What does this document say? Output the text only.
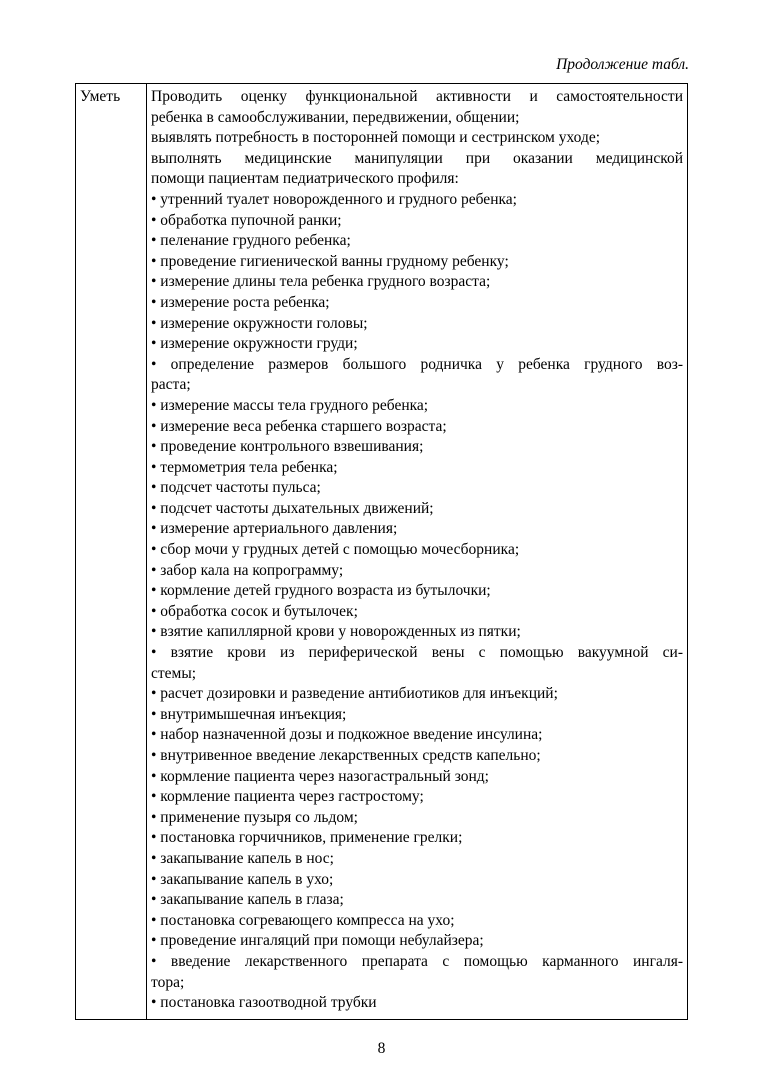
Продолжение табл.
Уметь	Проводить оценку функциональной активности и самостоятельности
ребенка в самообслуживании, передвижении, общении;
выявлять потребность в посторонней помощи и сестринском уходе;
выполнять медицинские манипуляции при оказании медицинской
помощи пациентам педиатрического профиля:
• утренний туалет новорожденного и грудного ребенка;
• обработка пупочной ранки;
• пеленание грудного ребенка;
• проведение гигиенической ванны грудному ребенку;
• измерение длины тела ребенка грудного возраста;
• измерение роста ребенка;
• измерение окружности головы;
• измерение окружности груди;
• определение размеров большого родничка у ребенка грудного воз-
раста;
• измерение массы тела грудного ребенка;
• измерение веса ребенка старшего возраста;
• проведение контрольного взвешивания;
• термометрия тела ребенка;
• подсчет частоты пульса;
• подсчет частоты дыхательных движений;
• измерение артериального давления;
• сбор мочи у грудных детей с помощью мочесборника;
• забор кала на копрограмму;
• кормление детей грудного возраста из бутылочки;
• обработка сосок и бутылочек;
• взятие капиллярной крови у новорожденных из пятки;
• взятие крови из периферической вены с помощью вакуумной си-
стемы;
• расчет дозировки и разведение антибиотиков для инъекций;
• внутримышечная инъекция;
• набор назначенной дозы и подкожное введение инсулина;
• внутривенное введение лекарственных средств капельно;
• кормление пациента через назогастральный зонд;
• кормление пациента через гастростому;
• применение пузыря со льдом;
• постановка горчичников, применение грелки;
• закапывание капель в нос;
• закапывание капель в ухо;
• закапывание капель в глаза;
• постановка согревающего компресса на ухо;
• проведение ингаляций при помощи небулайзера;
• введение лекарственного препарата с помощью карманного ингаля-
тора;
• постановка газоотводной трубки
8
